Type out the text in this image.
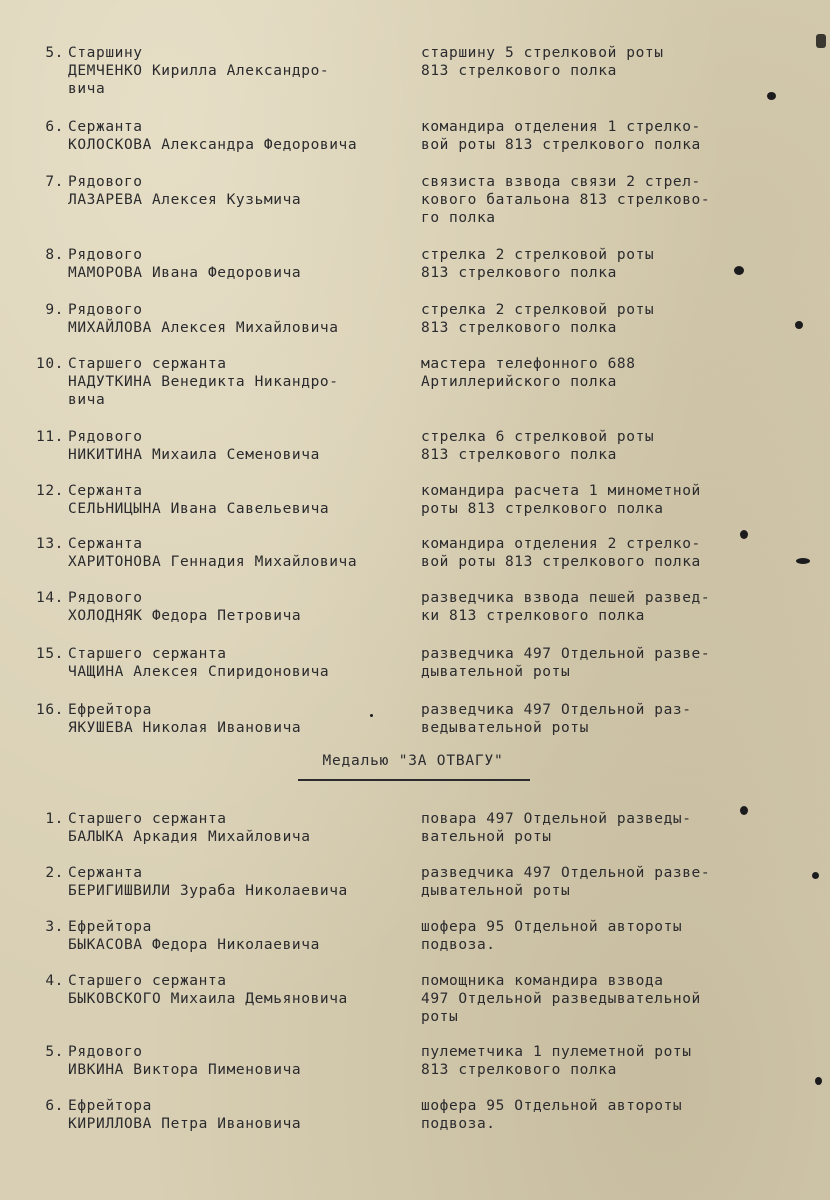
5. Старшину
ДЕМЧЕНКО Кирилла Александро-
вича
старшину 5 стрелковой роты
813 стрелкового полка
6. Сержанта
КОЛОСКОВА Александра Федоровича
командира отделения 1 стрелко-
вой роты 813 стрелкового полка
7. Рядового
ЛАЗАРЕВА Алексея Кузьмича
связиста взвода связи 2 стрел-
кового батальона 813 стрелково-
го полка
8. Рядового
МАМОРОВА Ивана Федоровича
стрелка 2 стрелковой роты
813 стрелкового полка
9. Рядового
МИХАЙЛОВА Алексея Михайловича
стрелка 2 стрелковой роты
813 стрелкового полка
10. Старшего сержанта
НАДУТКИНА Венедикта Никандро-
вича
мастера телефонного 688
Артиллерийского полка
11. Рядового
НИКИТИНА Михаила Семеновича
стрелка 6 стрелковой роты
813 стрелкового полка
12. Сержанта
СЕЛЬНИЦЫНА Ивана Савельевича
командира расчета 1 минометной
роты 813 стрелкового полка
13. Сержанта
ХАРИТОНОВА Геннадия Михайловича
командира отделения 2 стрелко-
вой роты 813 стрелкового полка
14. Рядового
ХОЛОДНЯК Федора Петровича
разведчика взвода пешей развед-
ки 813 стрелкового полка
15. Старшего сержанта
ЧАЩИНА Алексея Спиридоновича
разведчика 497 Отдельной разве-
дывательной роты
16. Ефрейтора
ЯКУШЕВА Николая Ивановича
разведчика 497 Отдельной раз-
ведывательной роты
Медалью "ЗА ОТВАГУ"
1. Старшего сержанта
БАЛЫКА Аркадия Михайловича
повара 497 Отдельной разведы-
вательной роты
2. Сержанта
БЕРИГИШВИЛИ Зураба Николаевича
разведчика 497 Отдельной разве-
дывательной роты
3. Ефрейтора
БЫКАСОВА Федора Николаевича
шофера 95 Отдельной автороты
подвоза.
4. Старшего сержанта
БЫКОВСКОГО Михаила Демьяновича
помощника командира взвода
497 Отдельной разведывательной
роты
5. Рядового
ИВКИНА Виктора Пименовича
пулеметчика 1 пулеметной роты
813 стрелкового полка
6. Ефрейтора
КИРИЛЛОВА Петра Ивановича
шофера 95 Отдельной автороты
подвоза.
